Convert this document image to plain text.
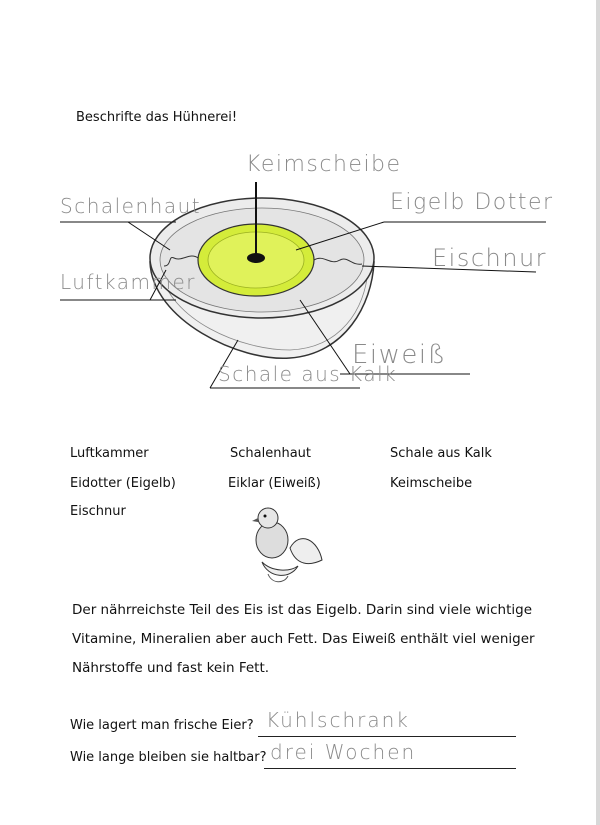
Beschrifte das Hühnerei!
Keimscheibe
Schalenhaut	Eigelb Dotter
Luftkammer
Eischnur
Eiweiß
Schale aus Kalk
Luftkammer	Schalenhaut	Schale aus Kalk
Eidotter (Eigelb)	Eiklar (Eiweiß)	Keimscheibe
Eischnur
Der nährreichste Teil des Eis ist das Eigelb. Darin sind viele wichtige
Vitamine, Mineralien aber auch Fett. Das Eiweiß enthält viel weniger
Nährstoffe und fast kein Fett.
Wie lagert man frische Eier? Kühlschrank
Wie lange bleiben sie haltbar? drei Wochen
